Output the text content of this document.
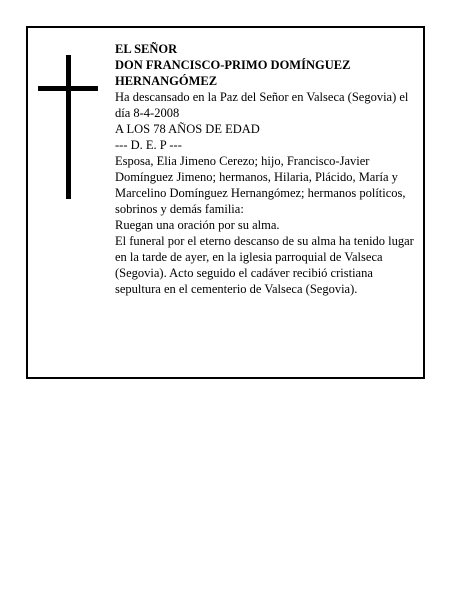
EL SEÑOR

DON FRANCISCO-PRIMO DOMÍNGUEZ HERNANGÓMEZ

Ha descansado en la Paz del Señor en Valseca (Segovia) el día 8-4-2008

A LOS 78 AÑOS DE EDAD

--- D. E. P ---

Esposa, Elia Jimeno Cerezo; hijo, Francisco-Javier Domínguez Jimeno; hermanos, Hilaria, Plácido, María y Marcelino Domínguez Hernangómez; hermanos políticos, sobrinos y demás familia:

Ruegan una oración por su alma.

El funeral por el eterno descanso de su alma ha tenido lugar en la tarde de ayer, en la iglesia parroquial de Valseca (Segovia). Acto seguido el cadáver recibió cristiana sepultura en el cementerio de Valseca (Segovia).
